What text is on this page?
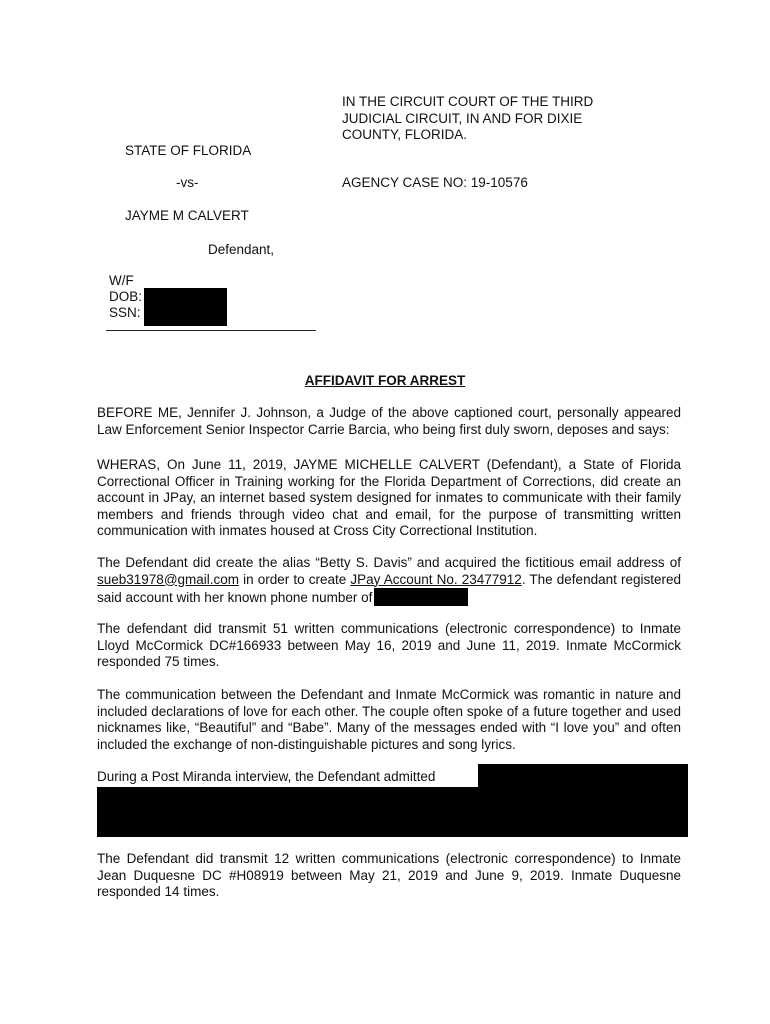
IN THE CIRCUIT COURT OF THE THIRD
JUDICIAL CIRCUIT, IN AND FOR DIXIE
COUNTY, FLORIDA.
STATE OF FLORIDA
-vs-	AGENCY CASE NO: 19-10576
JAYME M CALVERT
Defendant,
W/F
DOB:
SSN:
AFFIDAVIT FOR ARREST
BEFORE ME, Jennifer J. Johnson, a Judge of the above captioned court, personally appeared Law Enforcement Senior Inspector Carrie Barcia, who being first duly sworn, deposes and says:
WHERAS, On June 11, 2019, JAYME MICHELLE CALVERT (Defendant), a State of Florida Correctional Officer in Training working for the Florida Department of Corrections, did create an account in JPay, an internet based system designed for inmates to communicate with their family members and friends through video chat and email, for the purpose of transmitting written communication with inmates housed at Cross City Correctional Institution.
The Defendant did create the alias “Betty S. Davis” and acquired the fictitious email address of sueb31978@gmail.com in order to create JPay Account No. 23477912. The defendant registered said account with her known phone number of
The defendant did transmit 51 written communications (electronic correspondence) to Inmate Lloyd McCormick DC#166933 between May 16, 2019 and June 11, 2019. Inmate McCormick responded 75 times.
The communication between the Defendant and Inmate McCormick was romantic in nature and included declarations of love for each other. The couple often spoke of a future together and used nicknames like, “Beautiful” and “Babe”. Many of the messages ended with “I love you” and often included the exchange of non-distinguishable pictures and song lyrics.
During a Post Miranda interview, the Defendant admitted
The Defendant did transmit 12 written communications (electronic correspondence) to Inmate Jean Duquesne DC #H08919 between May 21, 2019 and June 9, 2019. Inmate Duquesne responded 14 times.
